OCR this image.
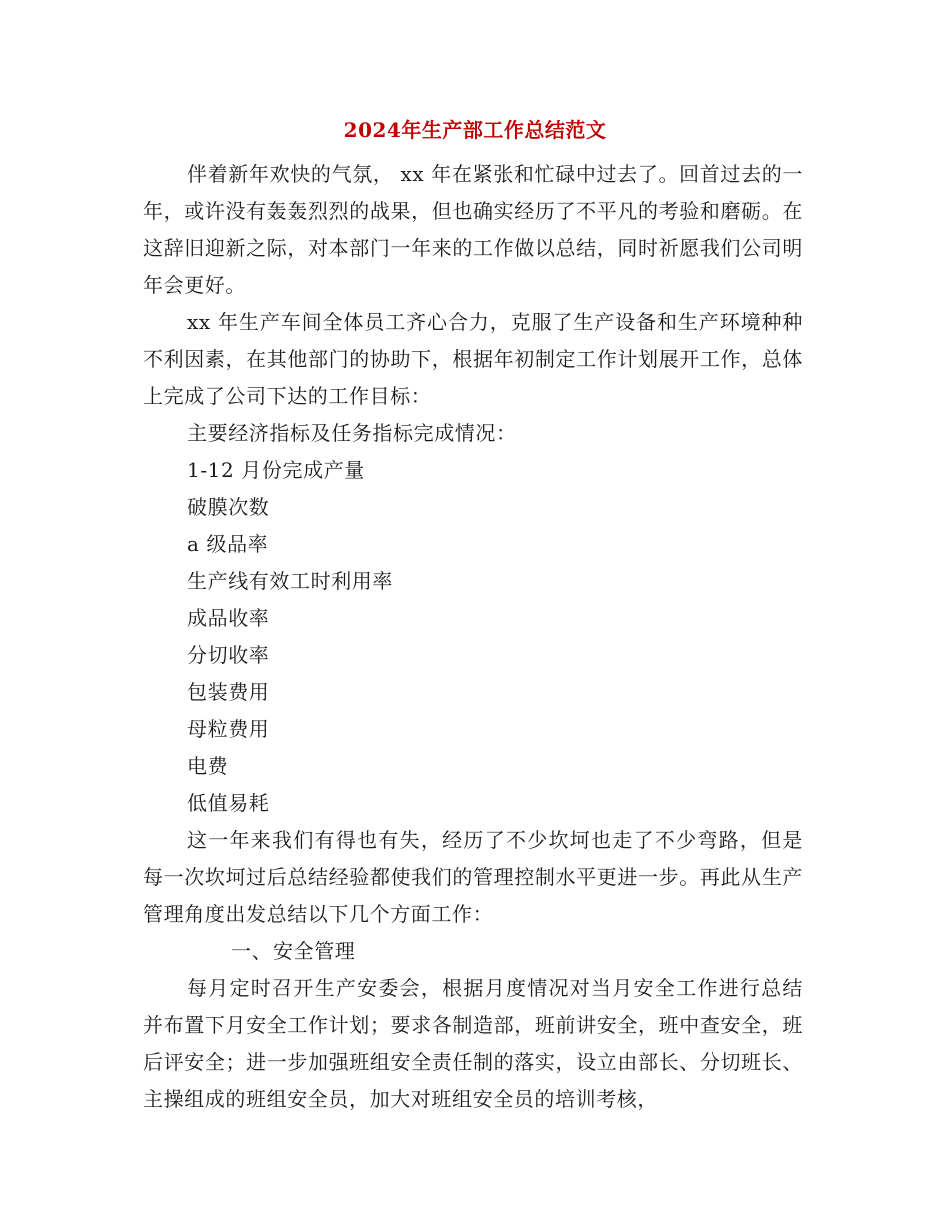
2024年生产部工作总结范文

伴着新年欢快的气氛， xx 年在紧张和忙碌中过去了。回首过去的一年，或许没有轰轰烈烈的战果，但也确实经历了不平凡的考验和磨砺。在这辞旧迎新之际，对本部门一年来的工作做以总结，同时祈愿我们公司明年会更好。

xx 年生产车间全体员工齐心合力，克服了生产设备和生产环境种种不利因素，在其他部门的协助下，根据年初制定工作计划展开工作，总体上完成了公司下达的工作目标：

主要经济指标及任务指标完成情况：

1-12 月份完成产量

破膜次数

a 级品率

生产线有效工时利用率

成品收率

分切收率

包装费用

母粒费用

电费

低值易耗

这一年来我们有得也有失，经历了不少坎坷也走了不少弯路，但是每一次坎坷过后总结经验都使我们的管理控制水平更进一步。再此从生产管理角度出发总结以下几个方面工作：

一、安全管理

每月定时召开生产安委会，根据月度情况对当月安全工作进行总结并布置下月安全工作计划；要求各制造部，班前讲安全，班中查安全，班后评安全；进一步加强班组安全责任制的落实，设立由部长、分切班长、主操组成的班组安全员，加大对班组安全员的培训考核，
